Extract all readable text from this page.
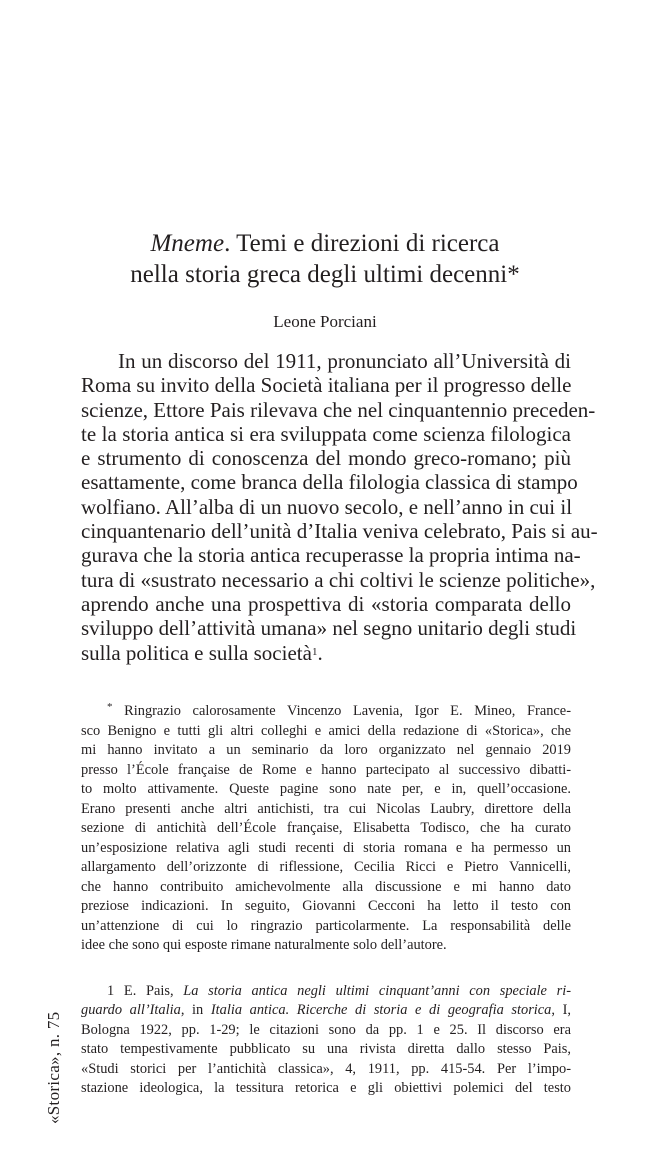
Mneme. Temi e direzioni di ricerca
nella storia greca degli ultimi decenni*
Leone Porciani
In un discorso del 1911, pronunciato all’Università di
Roma su invito della Società italiana per il progresso delle
scienze, Ettore Pais rilevava che nel cinquantennio preceden-
te la storia antica si era sviluppata come scienza filologica
e strumento di conoscenza del mondo greco-romano; più
esattamente, come branca della filologia classica di stampo
wolfiano. All’alba di un nuovo secolo, e nell’anno in cui il
cinquantenario dell’unità d’Italia veniva celebrato, Pais si au-
gurava che la storia antica recuperasse la propria intima na-
tura di «sustrato necessario a chi coltivi le scienze politiche»,
aprendo anche una prospettiva di «storia comparata dello
sviluppo dell’attività umana» nel segno unitario degli studi
sulla politica e sulla società$^1$.
* Ringrazio calorosamente Vincenzo Lavenia, Igor E. Mineo, France-
sco Benigno e tutti gli altri colleghi e amici della redazione di «Storica», che
mi hanno invitato a un seminario da loro organizzato nel gennaio 2019
presso l’École française de Rome e hanno partecipato al successivo dibatti-
to molto attivamente. Queste pagine sono nate per, e in, quell’occasione.
Erano presenti anche altri antichisti, tra cui Nicolas Laubry, direttore della
sezione di antichità dell’École française, Elisabetta Todisco, che ha curato
un’esposizione relativa agli studi recenti di storia romana e ha permesso un
allargamento dell’orizzonte di riflessione, Cecilia Ricci e Pietro Vannicelli,
che hanno contribuito amichevolmente alla discussione e mi hanno dato
preziose indicazioni. In seguito, Giovanni Cecconi ha letto il testo con
un’attenzione di cui lo ringrazio particolarmente. La responsabilità delle
idee che sono qui esposte rimane naturalmente solo dell’autore.
1 E. Pais, La storia antica negli ultimi cinquant’anni con speciale ri-
guardo all’Italia, in Italia antica. Ricerche di storia e di geografia storica, I,
Bologna 1922, pp. 1-29; le citazioni sono da pp. 1 e 25. Il discorso era
stato tempestivamente pubblicato su una rivista diretta dallo stesso Pais,
«Studi storici per l’antichità classica», 4, 1911, pp. 415-54. Per l’impo-
stazione ideologica, la tessitura retorica e gli obiettivi polemici del testo
«Storica», n. 75
